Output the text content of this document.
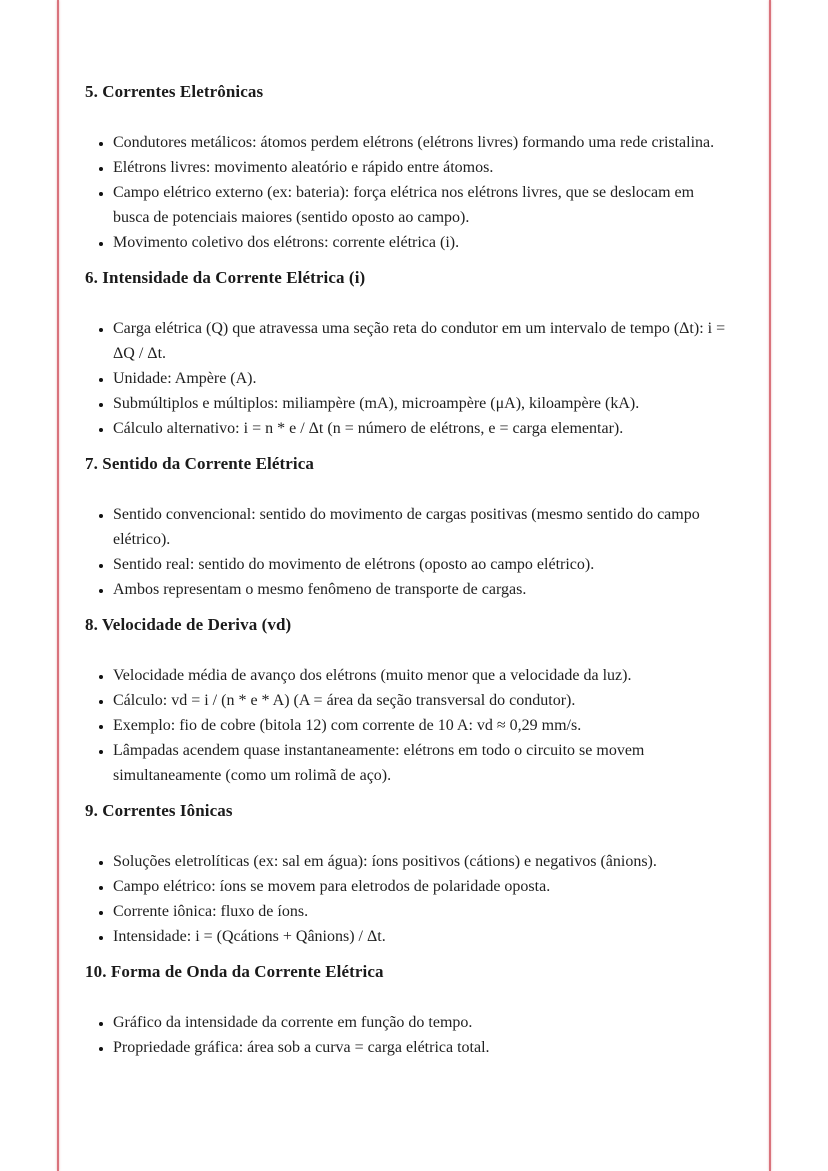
5. Correntes Eletrônicas
• Condutores metálicos: átomos perdem elétrons (elétrons livres) formando uma rede cristalina.
• Elétrons livres: movimento aleatório e rápido entre átomos.
• Campo elétrico externo (ex: bateria): força elétrica nos elétrons livres, que se deslocam em busca de potenciais maiores (sentido oposto ao campo).
• Movimento coletivo dos elétrons: corrente elétrica (i).
6. Intensidade da Corrente Elétrica (i)
• Carga elétrica (Q) que atravessa uma seção reta do condutor em um intervalo de tempo (Δt): i = ΔQ / Δt.
• Unidade: Ampère (A).
• Submúltiplos e múltiplos: miliampère (mA), microampère (μA), kiloampère (kA).
• Cálculo alternativo: i = n * e / Δt (n = número de elétrons, e = carga elementar).
7. Sentido da Corrente Elétrica
• Sentido convencional: sentido do movimento de cargas positivas (mesmo sentido do campo elétrico).
• Sentido real: sentido do movimento de elétrons (oposto ao campo elétrico).
• Ambos representam o mesmo fenômeno de transporte de cargas.
8. Velocidade de Deriva (vd)
• Velocidade média de avanço dos elétrons (muito menor que a velocidade da luz).
• Cálculo: vd = i / (n * e * A) (A = área da seção transversal do condutor).
• Exemplo: fio de cobre (bitola 12) com corrente de 10 A: vd ≈ 0,29 mm/s.
• Lâmpadas acendem quase instantaneamente: elétrons em todo o circuito se movem simultaneamente (como um rolimã de aço).
9. Correntes Iônicas
• Soluções eletrolíticas (ex: sal em água): íons positivos (cátions) e negativos (ânions).
• Campo elétrico: íons se movem para eletrodos de polaridade oposta.
• Corrente iônica: fluxo de íons.
• Intensidade: i = (Qcátions + Qânions) / Δt.
10. Forma de Onda da Corrente Elétrica
• Gráfico da intensidade da corrente em função do tempo.
• Propriedade gráfica: área sob a curva = carga elétrica total.
